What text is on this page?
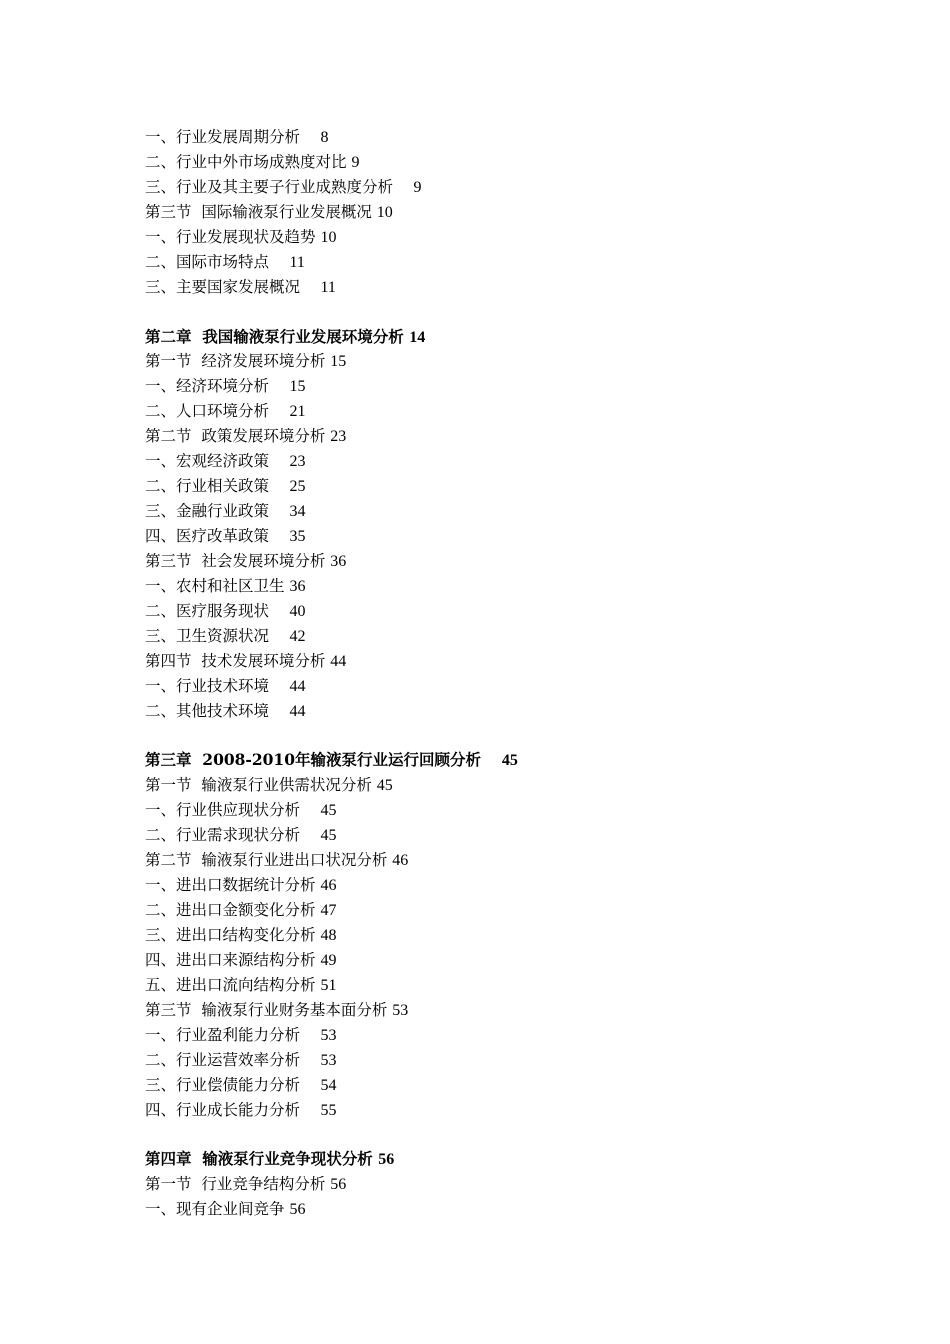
一、行业发展周期分析　 8
二、行业中外市场成熟度对比 9
三、行业及其主要子行业成熟度分析　 9
第三节  国际输液泵行业发展概况 10
一、行业发展现状及趋势 10
二、国际市场特点　 11
三、主要国家发展概况　 11
第二章  我国输液泵行业发展环境分析 14
第一节  经济发展环境分析 15
一、经济环境分析　 15
二、人口环境分析　 21
第二节  政策发展环境分析 23
一、宏观经济政策　 23
二、行业相关政策　 25
三、金融行业政策　 34
四、医疗改革政策　 35
第三节  社会发展环境分析 36
一、农村和社区卫生 36
二、医疗服务现状　 40
三、卫生资源状况　 42
第四节  技术发展环境分析 44
一、行业技术环境　 44
二、其他技术环境　 44
第三章  2008-2010年输液泵行业运行回顾分析　 45
第一节  输液泵行业供需状况分析 45
一、行业供应现状分析　 45
二、行业需求现状分析　 45
第二节  输液泵行业进出口状况分析 46
一、进出口数据统计分析 46
二、进出口金额变化分析 47
三、进出口结构变化分析 48
四、进出口来源结构分析 49
五、进出口流向结构分析 51
第三节  输液泵行业财务基本面分析 53
一、行业盈利能力分析　 53
二、行业运营效率分析　 53
三、行业偿债能力分析　 54
四、行业成长能力分析　 55
第四章  输液泵行业竞争现状分析 56
第一节  行业竞争结构分析 56
一、现有企业间竞争 56
